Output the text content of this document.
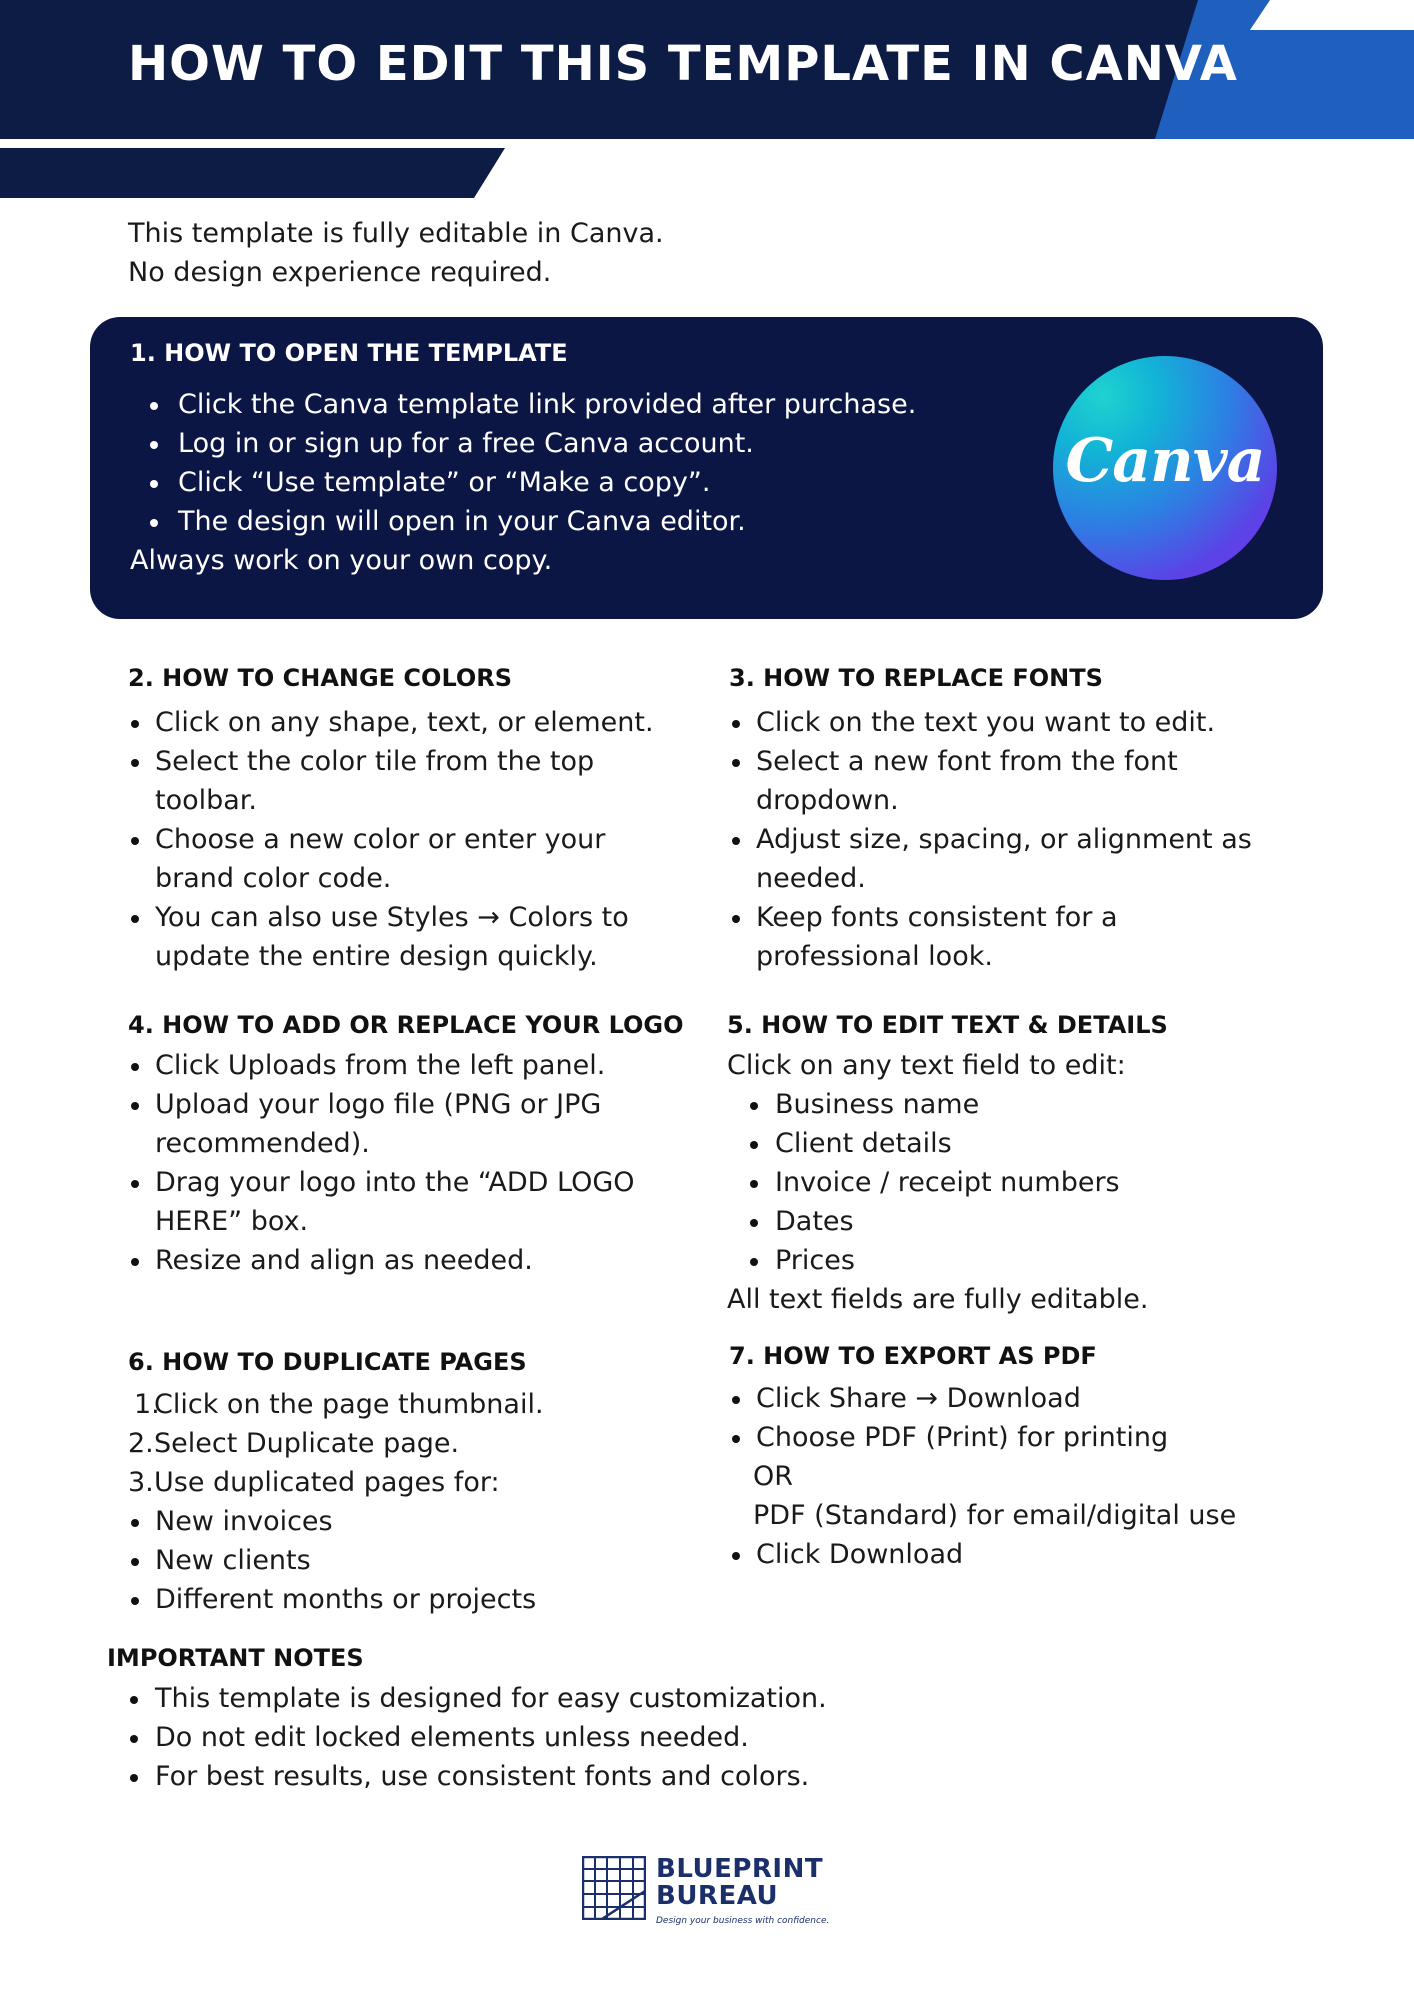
HOW TO EDIT THIS TEMPLATE IN CANVA
This template is fully editable in Canva.
No design experience required.
1. HOW TO OPEN THE TEMPLATE
Click the Canva template link provided after purchase.
Log in or sign up for a free Canva account.
Click “Use template” or “Make a copy”.
The design will open in your Canva editor.
Always work on your own copy.
Canva
2. HOW TO CHANGE COLORS
Click on any shape, text, or element.
Select the color tile from the top
toolbar.
Choose a new color or enter your
brand color code.
You can also use Styles → Colors to
update the entire design quickly.
3. HOW TO REPLACE FONTS
Click on the text you want to edit.
Select a new font from the font
dropdown.
Adjust size, spacing, or alignment as
needed.
Keep fonts consistent for a
professional look.
4. HOW TO ADD OR REPLACE YOUR LOGO
Click Uploads from the left panel.
Upload your logo file (PNG or JPG
recommended).
Drag your logo into the “ADD LOGO
HERE” box.
Resize and align as needed.
5. HOW TO EDIT TEXT & DETAILS
Click on any text field to edit:
Business name
Client details
Invoice / receipt numbers
Dates
Prices
All text fields are fully editable.
6. HOW TO DUPLICATE PAGES
1.
Click on the page thumbnail.
2. Select Duplicate page.
3. Use duplicated pages for:
New invoices
New clients
Different months or projects
7. HOW TO EXPORT AS PDF
Click Share → Download
Choose PDF (Print) for printing
OR
PDF (Standard) for email/digital use
Click Download
IMPORTANT NOTES
This template is designed for easy customization.
Do not edit locked elements unless needed.
For best results, use consistent fonts and colors.
BLUEPRINT
BUREAU
Design your business with confidence.
